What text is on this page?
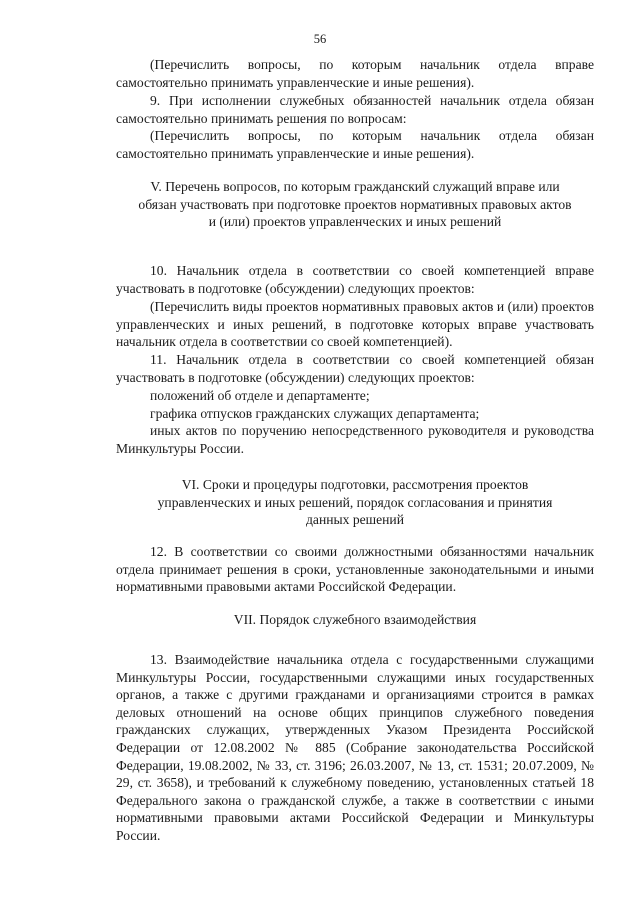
56

(Перечислить вопросы, по которым начальник отдела вправе самостоятельно принимать управленческие и иные решения).

9. При исполнении служебных обязанностей начальник отдела обязан самостоятельно принимать решения по вопросам:

(Перечислить вопросы, по которым начальник отдела обязан самостоятельно принимать управленческие и иные решения).

V. Перечень вопросов, по которым гражданский служащий вправе или обязан участвовать при подготовке проектов нормативных правовых актов и (или) проектов управленческих и иных решений

10. Начальник отдела в соответствии со своей компетенцией вправе участвовать в подготовке (обсуждении) следующих проектов:

(Перечислить виды проектов нормативных правовых актов и (или) проектов управленческих и иных решений, в подготовке которых вправе участвовать начальник отдела в соответствии со своей компетенцией).

11. Начальник отдела в соответствии со своей компетенцией обязан участвовать в подготовке (обсуждении) следующих проектов:

положений об отделе и департаменте;

графика отпусков гражданских служащих департамента;

иных актов по поручению непосредственного руководителя и руководства Минкультуры России.

VI. Сроки и процедуры подготовки, рассмотрения проектов управленческих и иных решений, порядок согласования и принятия данных решений

12. В соответствии со своими должностными обязанностями начальник отдела принимает решения в сроки, установленные законодательными и иными нормативными правовыми актами Российской Федерации.

VII. Порядок служебного взаимодействия

13. Взаимодействие начальника отдела с государственными служащими Минкультуры России, государственными служащими иных государственных органов, а также с другими гражданами и организациями строится в рамках деловых отношений на основе общих принципов служебного поведения гражданских служащих, утвержденных Указом Президента Российской Федерации от 12.08.2002 № 885 (Собрание законодательства Российской Федерации, 19.08.2002, № 33, ст. 3196; 26.03.2007, № 13, ст. 1531; 20.07.2009, № 29, ст. 3658), и требований к служебному поведению, установленных статьей 18 Федерального закона о гражданской службе, а также в соответствии с иными нормативными правовыми актами Российской Федерации и Минкультуры России.
